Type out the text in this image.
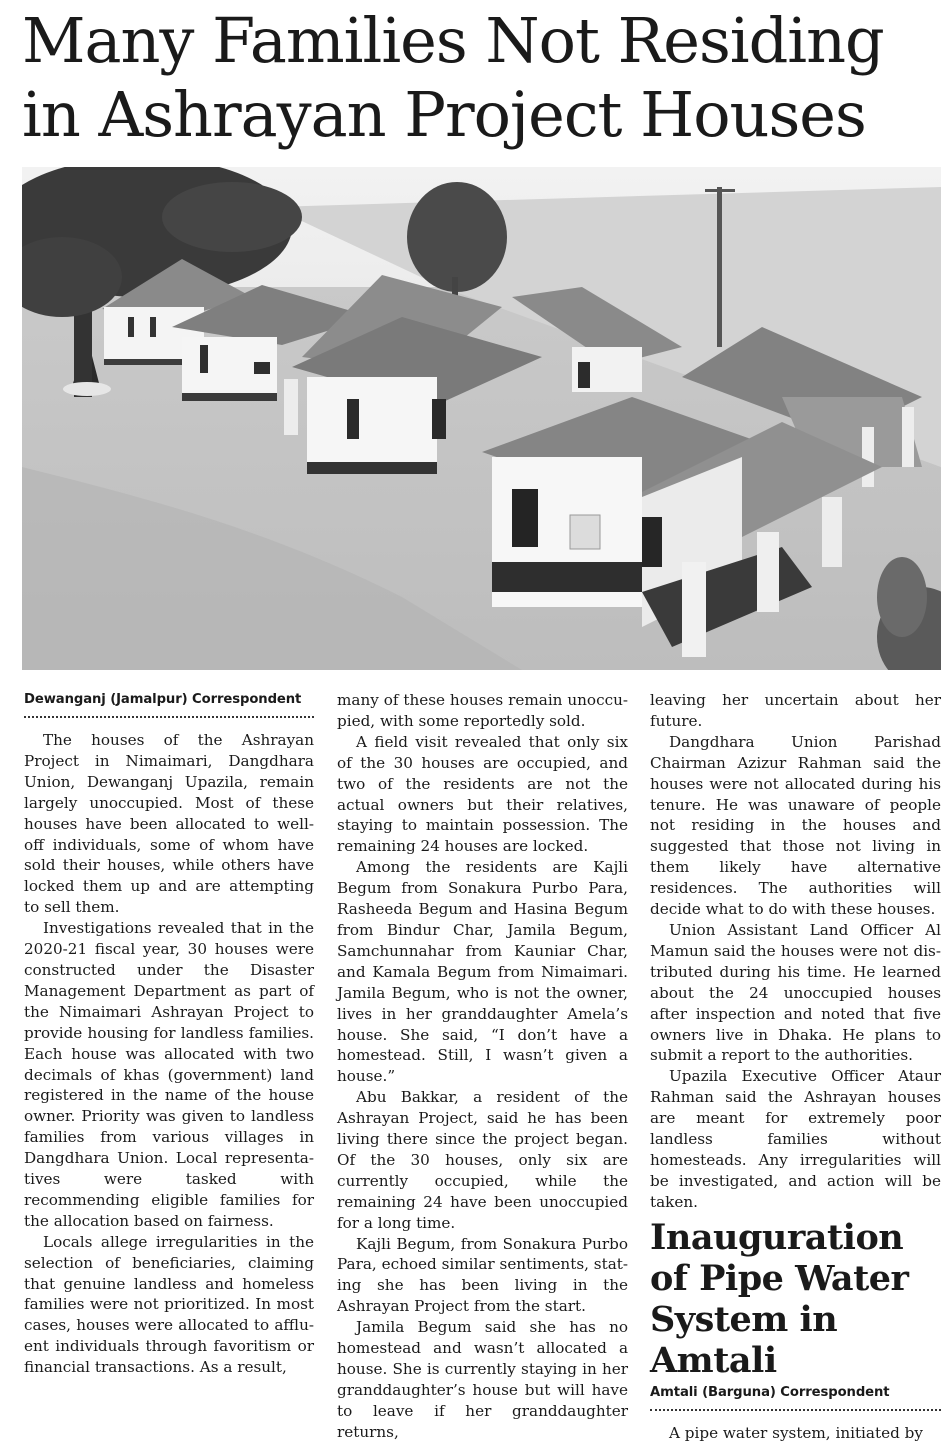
Many Families Not Residing in Ashrayan Project Houses
Dewanganj (Jamalpur) Correspondent

The houses of the Ashrayan Project in Nimaimari, Dangdhara Union, Dewanganj Upazila, remain largely unoccupied. Most of these houses have been allocated to well-off individuals, some of whom have sold their houses, while others have locked them up and are attempting to sell them.

Investigations revealed that in the 2020-21 fiscal year, 30 houses were constructed under the Disaster Management Department as part of the Nimaimari Ashrayan Project to provide housing for landless families. Each house was allocated with two decimals of khas (government) land registered in the name of the house owner. Priority was given to landless families from various villages in Dangdhara Union. Local representatives were tasked with recommending eligible families for the allocation based on fairness.

Locals allege irregularities in the selection of beneficiaries, claiming that genuine landless and homeless families were not prioritized. In most cases, houses were allocated to affluent individuals through favoritism or financial transactions. As a result,

many of these houses remain unoccupied, with some reportedly sold.

A field visit revealed that only six of the 30 houses are occupied, and two of the residents are not the actual owners but their relatives, staying to maintain possession. The remaining 24 houses are locked.

Among the residents are Kajli Begum from Sonakura Purbo Para, Rasheeda Begum and Hasina Begum from Bindur Char, Jamila Begum, Samchunnahar from Kauniar Char, and Kamala Begum from Nimaimari. Jamila Begum, who is not the owner, lives in her granddaughter Amela’s house. She said, “I don’t have a homestead. Still, I wasn’t given a house.”

Abu Bakkar, a resident of the Ashrayan Project, said he has been living there since the project began. Of the 30 houses, only six are currently occupied, while the remaining 24 have been unoccupied for a long time.

Kajli Begum, from Sonakura Purbo Para, echoed similar sentiments, stating she has been living in the Ashrayan Project from the start.

Jamila Begum said she has no homestead and wasn’t allocated a house. She is currently staying in her granddaughter’s house but will have to leave if her granddaughter returns,

leaving her uncertain about her future.

Dangdhara Union Parishad Chairman Azizur Rahman said the houses were not allocated during his tenure. He was unaware of people not residing in the houses and suggested that those not living in them likely have alternative residences. The authorities will decide what to do with these houses.

Union Assistant Land Officer Al Mamun said the houses were not distributed during his time. He learned about the 24 unoccupied houses after inspection and noted that five owners live in Dhaka. He plans to submit a report to the authorities.

Upazila Executive Officer Ataur Rahman said the Ashrayan houses are meant for extremely poor landless families without homesteads. Any irregularities will be investigated, and action will be taken.

Inauguration of Pipe Water System in Amtali
Amtali (Barguna) Correspondent

A pipe water system, initiated by
